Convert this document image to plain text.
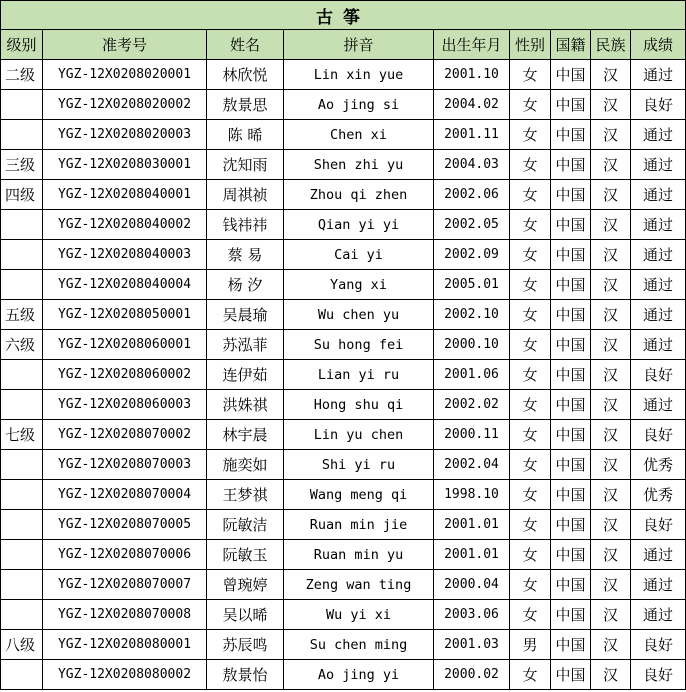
古筝								
级别	准考号	姓名	拼音	出生年月	性别	国籍	民族	成绩
二级	YGZ-12X0208020001	林欣悦	Lin xin yue	2001.10	女	中国	汉	通过
	YGZ-12X0208020002	敖景思	Ao jing si	2004.02	女	中国	汉	良好
	YGZ-12X0208020003	陈 晞	Chen xi	2001.11	女	中国	汉	通过
三级	YGZ-12X0208030001	沈知雨	Shen zhi yu	2004.03	女	中国	汉	通过
四级	YGZ-12X0208040001	周祺祯	Zhou qi zhen	2002.06	女	中国	汉	通过
	YGZ-12X0208040002	钱祎祎	Qian yi yi	2002.05	女	中国	汉	通过
	YGZ-12X0208040003	蔡 易	Cai yi	2002.09	女	中国	汉	通过
	YGZ-12X0208040004	杨 汐	Yang xi	2005.01	女	中国	汉	通过
五级	YGZ-12X0208050001	吴晨瑜	Wu chen yu	2002.10	女	中国	汉	通过
六级	YGZ-12X0208060001	苏泓菲	Su hong fei	2000.10	女	中国	汉	通过
	YGZ-12X0208060002	连伊茹	Lian yi ru	2001.06	女	中国	汉	良好
	YGZ-12X0208060003	洪姝祺	Hong shu qi	2002.02	女	中国	汉	通过
七级	YGZ-12X0208070002	林宇晨	Lin yu chen	2000.11	女	中国	汉	良好
	YGZ-12X0208070003	施奕如	Shi yi ru	2002.04	女	中国	汉	优秀
	YGZ-12X0208070004	王梦祺	Wang meng qi	1998.10	女	中国	汉	优秀
	YGZ-12X0208070005	阮敏洁	Ruan min jie	2001.01	女	中国	汉	良好
	YGZ-12X0208070006	阮敏玉	Ruan min yu	2001.01	女	中国	汉	通过
	YGZ-12X0208070007	曾琬婷	Zeng wan ting	2000.04	女	中国	汉	通过
	YGZ-12X0208070008	吴以晞	Wu yi xi	2003.06	女	中国	汉	通过
八级	YGZ-12X0208080001	苏辰鸣	Su chen ming	2001.03	男	中国	汉	良好
	YGZ-12X0208080002	敖景怡	Ao jing yi	2000.02	女	中国	汉	良好
